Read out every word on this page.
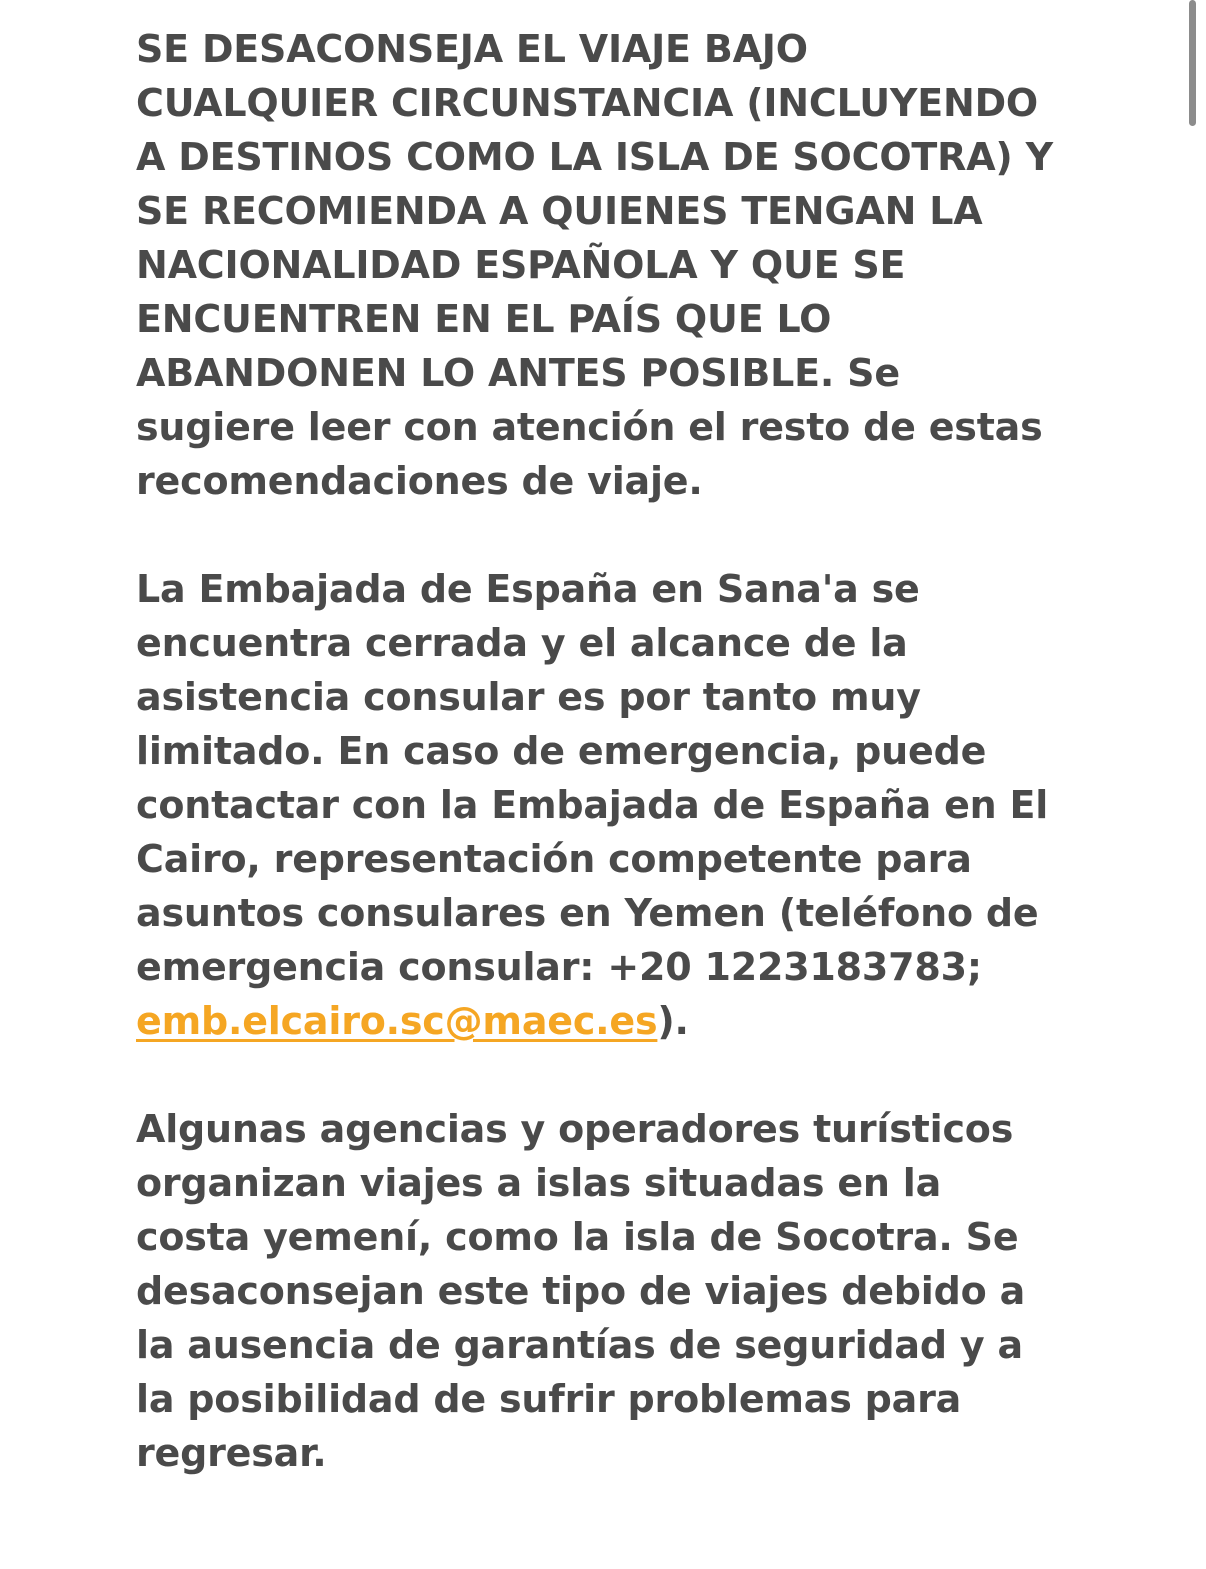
SE DESACONSEJA EL VIAJE BAJO CUALQUIER CIRCUNSTANCIA (INCLUYENDO A DESTINOS COMO LA ISLA DE SOCOTRA) Y SE RECOMIENDA A QUIENES TENGAN LA NACIONALIDAD ESPAÑOLA Y QUE SE ENCUENTREN EN EL PAÍS QUE LO ABANDONEN LO ANTES POSIBLE. Se sugiere leer con atención el resto de estas recomendaciones de viaje.

La Embajada de España en Sana'a se encuentra cerrada y el alcance de la asistencia consular es por tanto muy limitado. En caso de emergencia, puede contactar con la Embajada de España en El Cairo, representación competente para asuntos consulares en Yemen (teléfono de emergencia consular: +20 1223183783; emb.elcairo.sc@maec.es).

Algunas agencias y operadores turísticos organizan viajes a islas situadas en la costa yemení, como la isla de Socotra. Se desaconsejan este tipo de viajes debido a la ausencia de garantías de seguridad y a la posibilidad de sufrir problemas para regresar.
